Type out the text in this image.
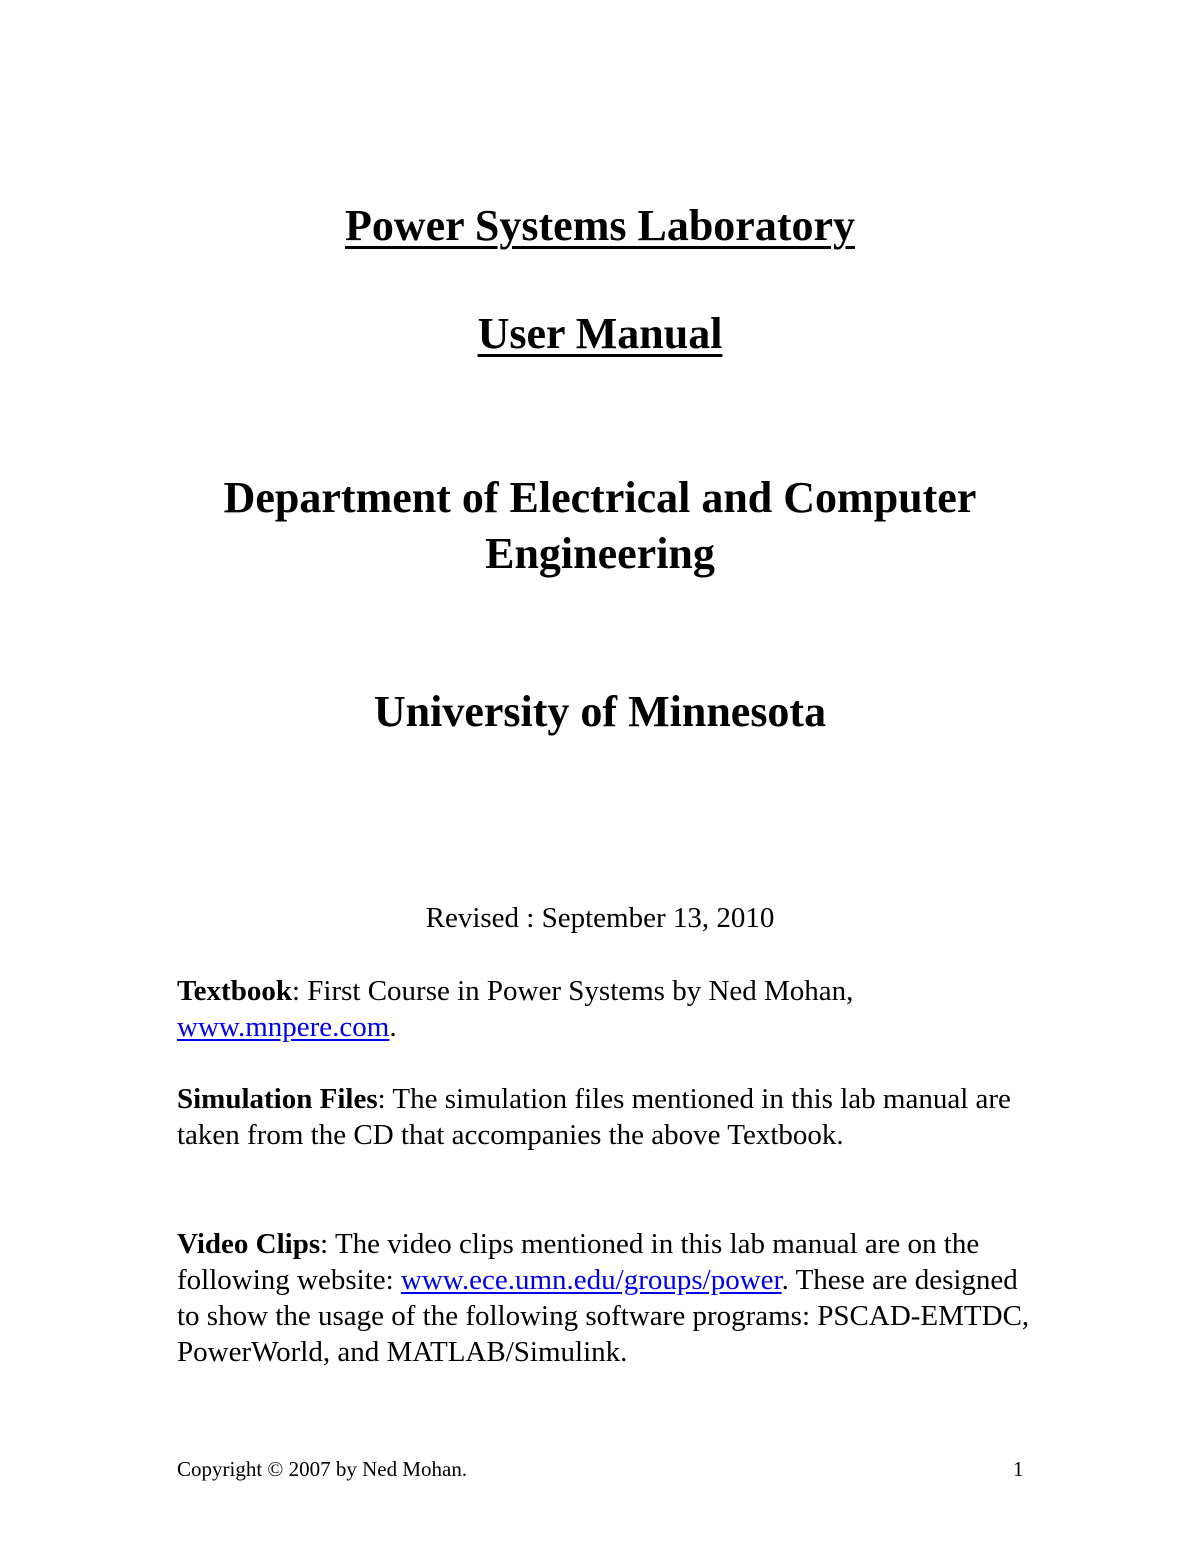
Power Systems Laboratory
User Manual
Department of Electrical and Computer
Engineering
University of Minnesota
Revised : September 13, 2010

Textbook: First Course in Power Systems by Ned Mohan, www.mnpere.com.

Simulation Files: The simulation files mentioned in this lab manual are taken from the CD that accompanies the above Textbook.

Video Clips: The video clips mentioned in this lab manual are on the following website: www.ece.umn.edu/groups/power. These are designed to show the usage of the following software programs: PSCAD-EMTDC, PowerWorld, and MATLAB/Simulink.

Copyright © 2007 by Ned Mohan.	1
